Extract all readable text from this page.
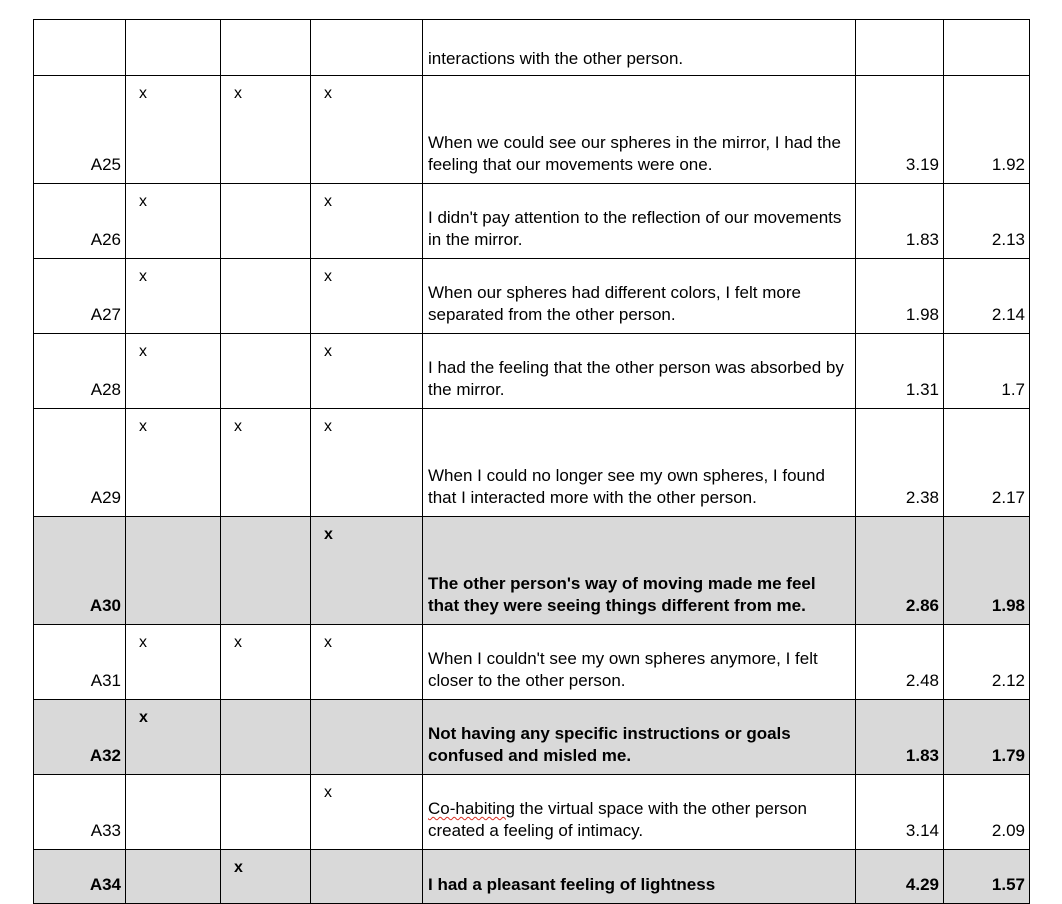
				interactions with the other person.		
A25	x	x	x	When we could see our spheres in the mirror, I had the feeling that our movements were one.	3.19	1.92
A26	x		x	I didn't pay attention to the reflection of our movements in the mirror.	1.83	2.13
A27	x		x	When our spheres had different colors, I felt more separated from the other person.	1.98	2.14
A28	x		x	I had the feeling that the other person was absorbed by the mirror.	1.31	1.7
A29	x	x	x	When I could no longer see my own spheres, I found that I interacted more with the other person.	2.38	2.17
A30			x	The other person's way of moving made me feel that they were seeing things different from me.	2.86	1.98
A31	x	x	x	When I couldn't see my own spheres anymore, I felt closer to the other person.	2.48	2.12
A32	x			Not having any specific instructions or goals confused and misled me.	1.83	1.79
A33			x	Co-habiting the virtual space with the other person created a feeling of intimacy.	3.14	2.09
A34		x		I had a pleasant feeling of lightness	4.29	1.57
